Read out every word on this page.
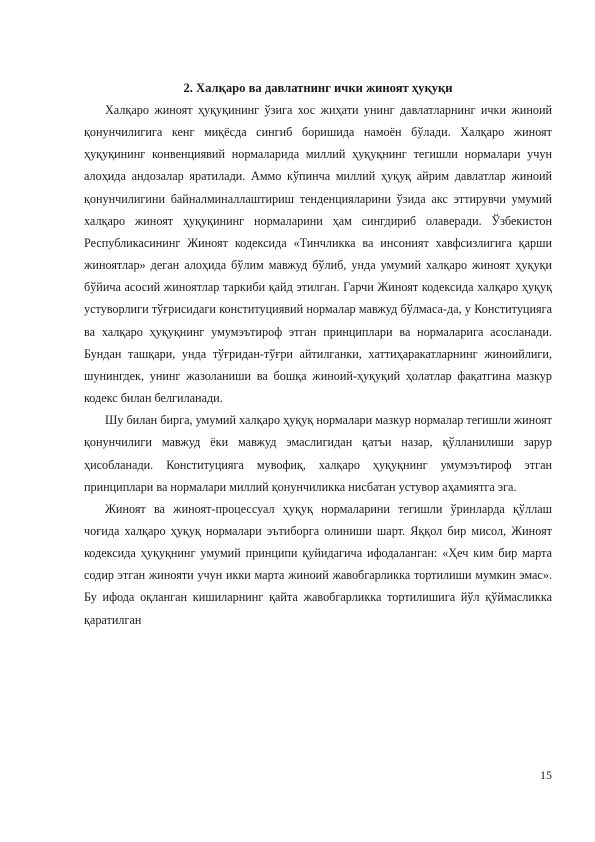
2. Халқаро ва давлатнинг ички жиноят ҳуқуқи

Халқаро жиноят ҳуқуқининг ўзига хос жиҳати унинг давлатларнинг ички жиноий қонунчилигига кенг миқёсда сингиб боришида намоён бўлади. Халқаро жиноят ҳуқуқининг конвенциявий нормаларида миллий ҳуқуқнинг тегишли нормалари учун алоҳида андозалар яратилади. Аммо кўпинча миллий ҳуқуқ айрим давлатлар жиноий қонунчилигини байналминаллаштириш тенденцияларини ўзида акс эттирувчи умумий халқаро жиноят ҳуқуқининг нормаларини ҳам сингдириб олаверади. Ўзбекистон Республикасининг Жиноят кодексида «Тинчликка ва инсоният хавфсизлигига қарши жиноятлар» деган алоҳида бўлим мавжуд бўлиб, унда умумий халқаро жиноят ҳуқуқи бўйича асосий жиноятлар таркиби қайд этилган. Гарчи Жиноят кодексида халқаро ҳуқуқ устуворлиги тўғрисидаги конституциявий нормалар мавжуд бўлмаса-да, у Конституцияга ва халқаро ҳуқуқнинг умумэътироф этган принциплари ва нормаларига асосланади. Бундан ташқари, унда тўғридан-тўғри айтилганки, хаттиҳаракатларнинг жиноийлиги, шунингдек, унинг жазоланиши ва бошқа жиноий-ҳуқуқий ҳолатлар фақатгина мазкур кодекс билан белгиланади.

Шу билан бирга, умумий халқаро ҳуқуқ нормалари мазкур нормалар тегишли жиноят қонунчилиги мавжуд ёки мавжуд эмаслигидан қатъи назар, қўлланилиши зарур ҳисобланади. Конституцияга мувофиқ, халқаро ҳуқуқнинг умумэътироф этган принциплари ва нормалари миллий қонунчиликка нисбатан устувор аҳамиятга эга.

Жиноят ва жиноят-процессуал ҳуқуқ нормаларини тегишли ўринларда қўллаш чоғида халқаро ҳуқуқ нормалари эътиборга олиниши шарт. Яққол бир мисол, Жиноят кодексида ҳуқуқнинг умумий принципи қуйидагича ифодаланган: «Ҳеч ким бир марта содир этган жинояти учун икки марта жиноий жавобгарликка тортилиши мумкин эмас». Бу ифода оқланган кишиларнинг қайта жавобгарликка тортилишига йўл қўймасликка қаратилган

15
